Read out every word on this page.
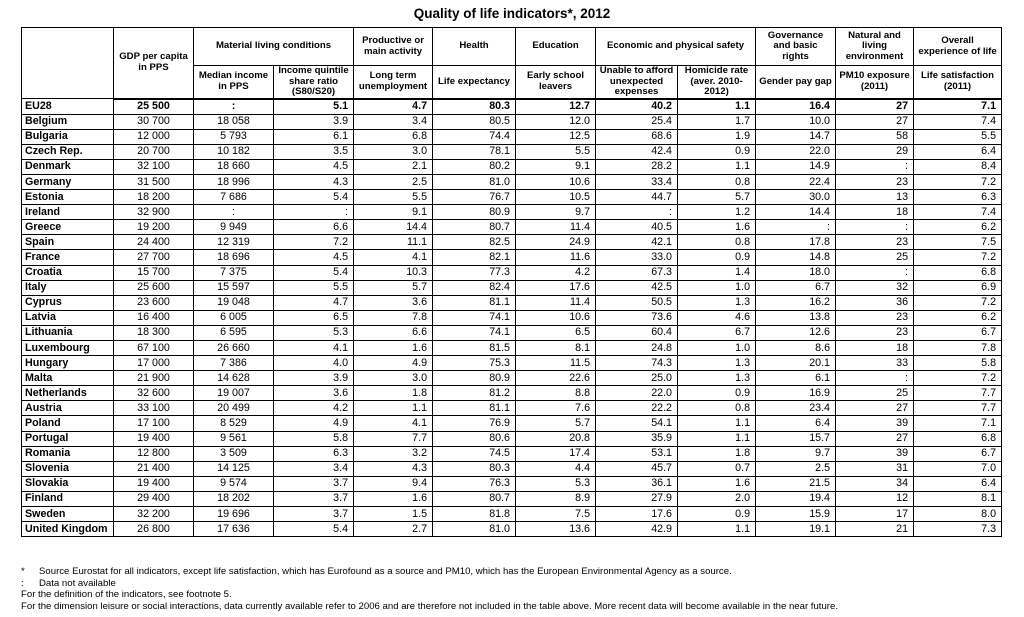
Quality of life indicators*, 2012
	GDP per capita in PPS	Material living conditions		Productive or main activity	Health	Education	Economic and physical safety		Governance and basic rights	Natural and living environment	Overall experience of life
		Median income in PPS	Income quintile share ratio (S80/S20)	Long term unemployment	Life expectancy	Early school leavers	Unable to afford unexpected expenses	Homicide rate (aver. 2010-2012)	Gender pay gap	PM10 exposure (2011)	Life satisfaction (2011)
EU28	25 500	:	5.1	4.7	80.3	12.7	40.2	1.1	16.4	27	7.1
Belgium	30 700	18 058	3.9	3.4	80.5	12.0	25.4	1.7	10.0	27	7.4
Bulgaria	12 000	5 793	6.1	6.8	74.4	12.5	68.6	1.9	14.7	58	5.5
Czech Rep.	20 700	10 182	3.5	3.0	78.1	5.5	42.4	0.9	22.0	29	6.4
Denmark	32 100	18 660	4.5	2.1	80.2	9.1	28.2	1.1	14.9	:	8.4
Germany	31 500	18 996	4.3	2.5	81.0	10.6	33.4	0.8	22.4	23	7.2
Estonia	18 200	7 686	5.4	5.5	76.7	10.5	44.7	5.7	30.0	13	6.3
Ireland	32 900	:	:	9.1	80.9	9.7	:	1.2	14.4	18	7.4
Greece	19 200	9 949	6.6	14.4	80.7	11.4	40.5	1.6	:	:	6.2
Spain	24 400	12 319	7.2	11.1	82.5	24.9	42.1	0.8	17.8	23	7.5
France	27 700	18 696	4.5	4.1	82.1	11.6	33.0	0.9	14.8	25	7.2
Croatia	15 700	7 375	5.4	10.3	77.3	4.2	67.3	1.4	18.0	:	6.8
Italy	25 600	15 597	5.5	5.7	82.4	17.6	42.5	1.0	6.7	32	6.9
Cyprus	23 600	19 048	4.7	3.6	81.1	11.4	50.5	1.3	16.2	36	7.2
Latvia	16 400	6 005	6.5	7.8	74.1	10.6	73.6	4.6	13.8	23	6.2
Lithuania	18 300	6 595	5.3	6.6	74.1	6.5	60.4	6.7	12.6	23	6.7
Luxembourg	67 100	26 660	4.1	1.6	81.5	8.1	24.8	1.0	8.6	18	7.8
Hungary	17 000	7 386	4.0	4.9	75.3	11.5	74.3	1.3	20.1	33	5.8
Malta	21 900	14 628	3.9	3.0	80.9	22.6	25.0	1.3	6.1	:	7.2
Netherlands	32 600	19 007	3.6	1.8	81.2	8.8	22.0	0.9	16.9	25	7.7
Austria	33 100	20 499	4.2	1.1	81.1	7.6	22.2	0.8	23.4	27	7.7
Poland	17 100	8 529	4.9	4.1	76.9	5.7	54.1	1.1	6.4	39	7.1
Portugal	19 400	9 561	5.8	7.7	80.6	20.8	35.9	1.1	15.7	27	6.8
Romania	12 800	3 509	6.3	3.2	74.5	17.4	53.1	1.8	9.7	39	6.7
Slovenia	21 400	14 125	3.4	4.3	80.3	4.4	45.7	0.7	2.5	31	7.0
Slovakia	19 400	9 574	3.7	9.4	76.3	5.3	36.1	1.6	21.5	34	6.4
Finland	29 400	18 202	3.7	1.6	80.7	8.9	27.9	2.0	19.4	12	8.1
Sweden	32 200	19 696	3.7	1.5	81.8	7.5	17.6	0.9	15.9	17	8.0
United Kingdom	26 800	17 636	5.4	2.7	81.0	13.6	42.9	1.1	19.1	21	7.3
* Source Eurostat for all indicators, except life satisfaction, which has Eurofound as a source and PM10, which has the European Environmental Agency as a source.
: Data not available
For the definition of the indicators, see footnote 5.
For the dimension leisure or social interactions, data currently available refer to 2006 and are therefore not included in the table above. More recent data will become available in the near future.
